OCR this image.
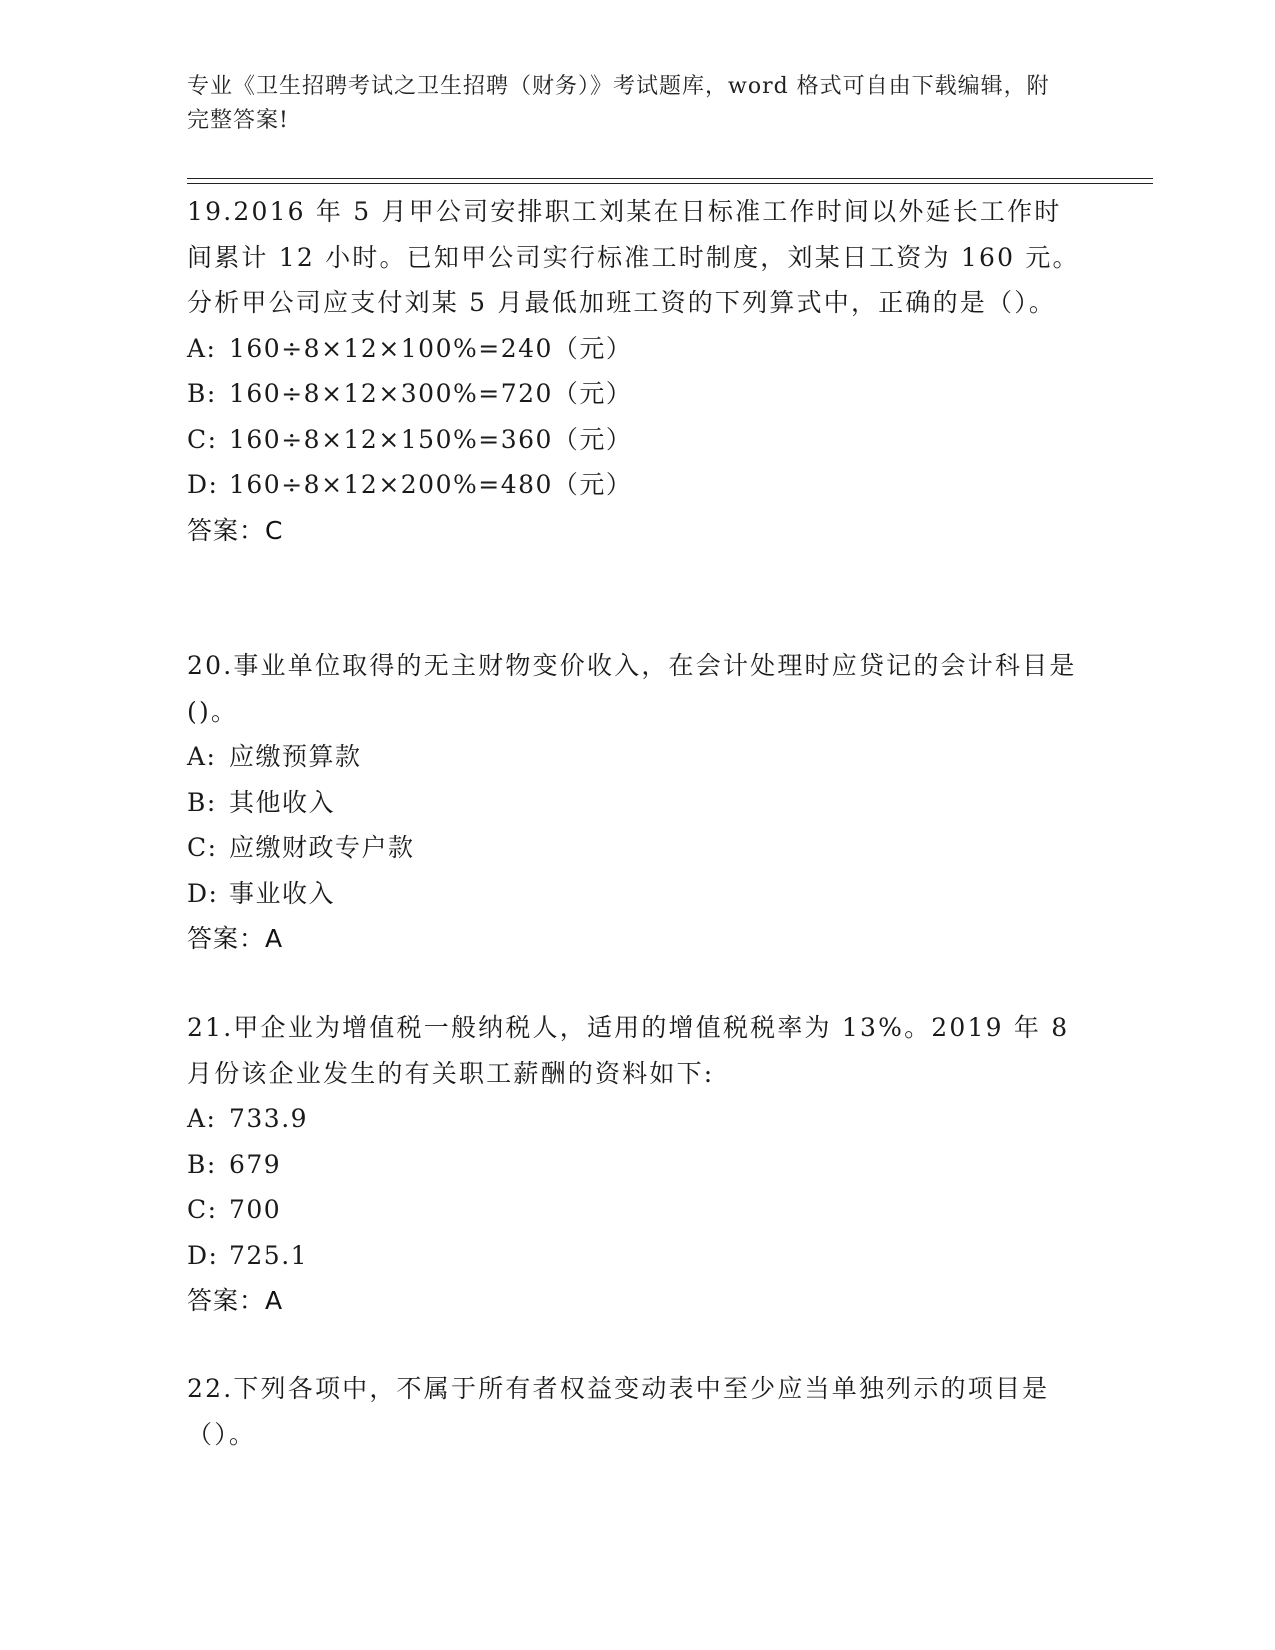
专业《卫生招聘考试之卫生招聘（财务）》考试题库，word 格式可自由下载编辑，附完整答案!

19.2016 年 5 月甲公司安排职工刘某在日标准工作时间以外延长工作时间累计 12 小时。已知甲公司实行标准工时制度，刘某日工资为 160 元。分析甲公司应支付刘某 5 月最低加班工资的下列算式中，正确的是（）。

A: 160÷8×12×100%=240（元）

B: 160÷8×12×300%=720（元）

C: 160÷8×12×150%=360（元）

D: 160÷8×12×200%=480（元）

答案：C

20.事业单位取得的无主财物变价收入，在会计处理时应贷记的会计科目是()。

A: 应缴预算款

B: 其他收入

C: 应缴财政专户款

D: 事业收入

答案：A

21.甲企业为增值税一般纳税人，适用的增值税税率为 13%。2019 年 8 月份该企业发生的有关职工薪酬的资料如下:

A: 733.9

B: 679

C: 700

D: 725.1

答案：A

22.下列各项中，不属于所有者权益变动表中至少应当单独列示的项目是（）。
